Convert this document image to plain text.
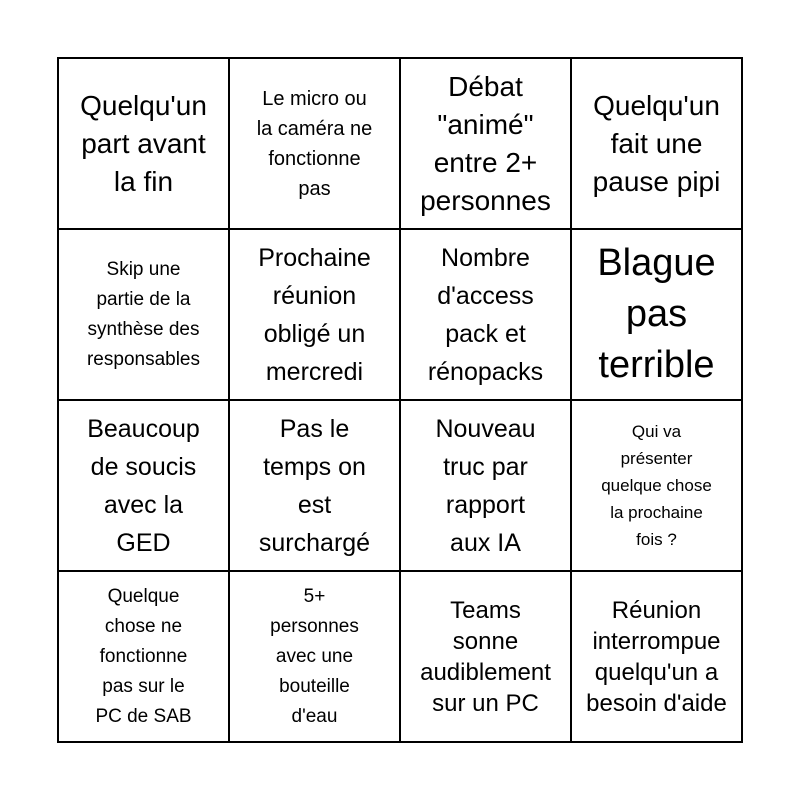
Quelqu'un
part avant
la fin
Le micro ou
la caméra ne
fonctionne
pas
Débat
"animé"
entre 2+
personnes
Quelqu'un
fait une
pause pipi
Skip une
partie de la
synthèse des
responsables
Prochaine
réunion
obligé un
mercredi
Nombre
d'access
pack et
rénopacks
Blague
pas
terrible
Beaucoup
de soucis
avec la
GED
Pas le
temps on
est
surchargé
Nouveau
truc par
rapport
aux IA
Qui va
présenter
quelque chose
la prochaine
fois ?
Quelque
chose ne
fonctionne
pas sur le
PC de SAB
5+
personnes
avec une
bouteille
d'eau
Teams
sonne
audiblement
sur un PC
Réunion
interrompue
quelqu'un a
besoin d'aide
